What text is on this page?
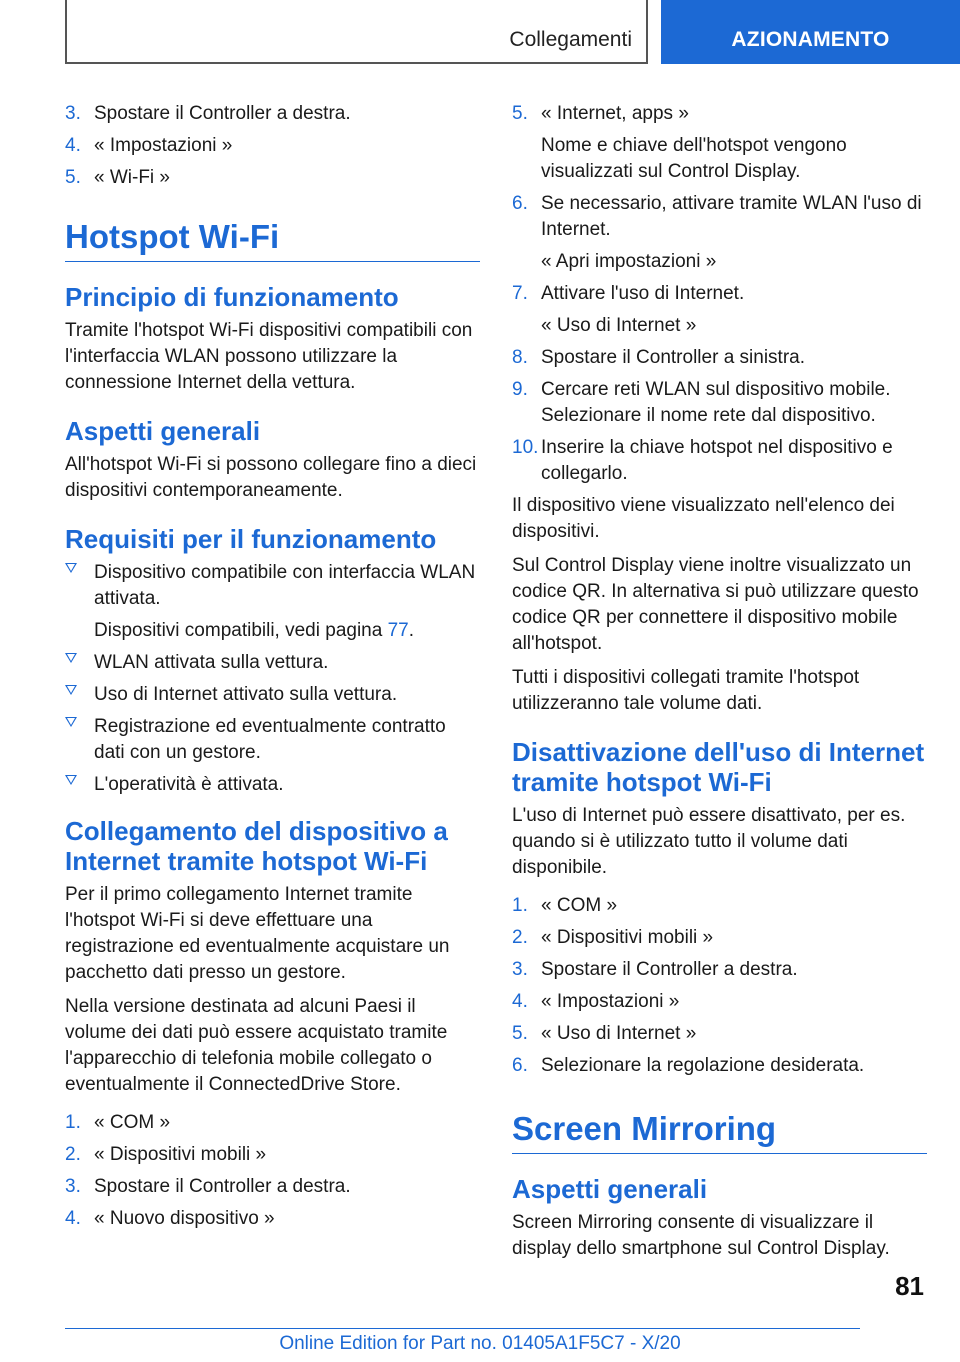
Collegamenti	AZIONAMENTO
3. Spostare il Controller a destra.
4. « Impostazioni »
5. « Wi-Fi »
Hotspot Wi-Fi
Principio di funzionamento

Tramite l'hotspot Wi-Fi dispositivi compatibili con l'interfaccia WLAN possono utilizzare la connessione Internet della vettura.

Aspetti generali

All'hotspot Wi-Fi si possono collegare fino a dieci dispositivi contemporaneamente.

Requisiti per il funzionamento
Dispositivo compatibile con interfaccia WLAN attivata.
Dispositivi compatibili, vedi pagina 77.
WLAN attivata sulla vettura.
Uso di Internet attivato sulla vettura.
Registrazione ed eventualmente contratto dati con un gestore.
L'operatività è attivata.
Collegamento del dispositivo a Internet tramite hotspot Wi-Fi

Per il primo collegamento Internet tramite l'hotspot Wi-Fi si deve effettuare una registrazione ed eventualmente acquistare un pacchetto dati presso un gestore.

Nella versione destinata ad alcuni Paesi il volume dei dati può essere acquistato tramite l'apparecchio di telefonia mobile collegato o eventualmente il ConnectedDrive Store.

1. « COM »
2. « Dispositivi mobili »
3. Spostare il Controller a destra.
4. « Nuovo dispositivo »
5. « Internet, apps »
Nome e chiave dell'hotspot vengono visualizzati sul Control Display.
6. Se necessario, attivare tramite WLAN l'uso di Internet.
« Apri impostazioni »
7. Attivare l'uso di Internet.
« Uso di Internet »
8. Spostare il Controller a sinistra.
9. Cercare reti WLAN sul dispositivo mobile. Selezionare il nome rete dal dispositivo.
10. Inserire la chiave hotspot nel dispositivo e collegarlo.

Il dispositivo viene visualizzato nell'elenco dei dispositivi.

Sul Control Display viene inoltre visualizzato un codice QR. In alternativa si può utilizzare questo codice QR per connettere il dispositivo mobile all'hotspot.

Tutti i dispositivi collegati tramite l'hotspot utilizzeranno tale volume dati.

Disattivazione dell'uso di Internet tramite hotspot Wi-Fi

L'uso di Internet può essere disattivato, per es. quando si è utilizzato tutto il volume dati disponibile.

1. « COM »
2. « Dispositivi mobili »
3. Spostare il Controller a destra.
4. « Impostazioni »
5. « Uso di Internet »
6. Selezionare la regolazione desiderata.
Screen Mirroring
Aspetti generali

Screen Mirroring consente di visualizzare il display dello smartphone sul Control Display.

81
Online Edition for Part no. 01405A1F5C7 - X/20
